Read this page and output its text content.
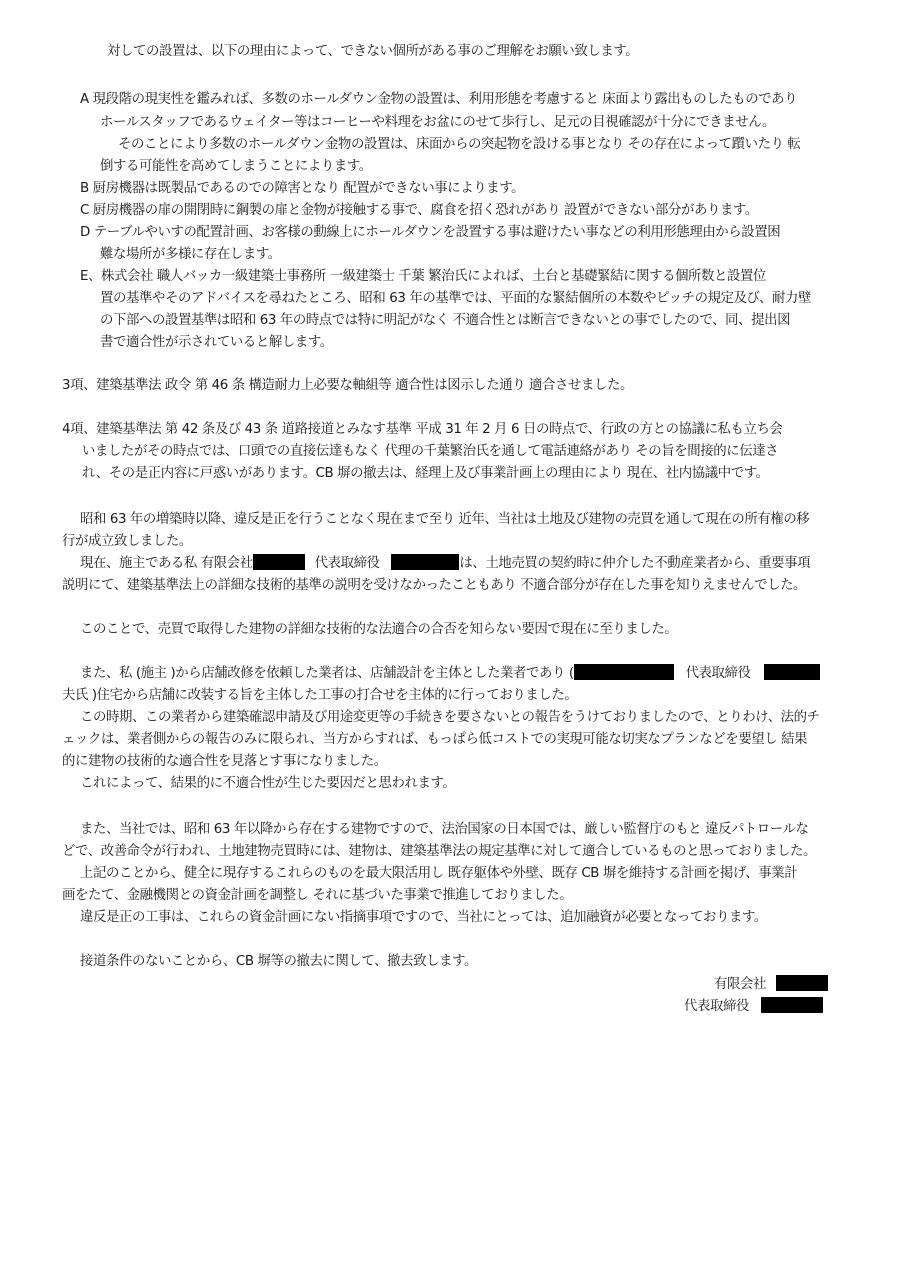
対しての設置は、以下の理由によって、できない個所がある事のご理解をお願い致します。
A 現段階の現実性を鑑みれば、多数のホールダウン金物の設置は、利用形態を考慮すると 床面より露出ものしたものであり
ホールスタッフであるウェイター等はコーヒーや料理をお盆にのせて歩行し、足元の目視確認が十分にできません。
そのことにより多数のホールダウン金物の設置は、床面からの突起物を設ける事となり その存在によって躓いたり 転
倒する可能性を高めてしまうことによります。
B 厨房機器は既製品であるのでの障害となり 配置ができない事によります。
C 厨房機器の扉の開閉時に鋼製の扉と金物が接触する事で、腐食を招く恐れがあり 設置ができない部分があります。
D テーブルやいすの配置計画、お客様の動線上にホールダウンを設置する事は避けたい事などの利用形態理由から設置困
難な場所が多様に存在します。
E、株式会社 職人バッカ一級建築士事務所 一級建築士 千葉 繁治氏によれば、土台と基礎緊結に関する個所数と設置位
置の基準やそのアドバイスを尋ねたところ、昭和 63 年の基準では、平面的な緊結個所の本数やピッチの規定及び、耐力壁
の下部への設置基準は昭和 63 年の時点では特に明記がなく 不適合性とは断言できないとの事でしたので、同、提出図
書で適合性が示されていると解します。
3項、建築基準法 政令 第 46 条 構造耐力上必要な軸組等 適合性は図示した通り 適合させました。
4項、建築基準法 第 42 条及び 43 条 道路接道とみなす基準 平成 31 年 2 月 6 日の時点で、行政の方との協議に私も立ち会
いましたがその時点では、口頭での直接伝達もなく 代理の千葉繁治氏を通して電話連絡があり その旨を間接的に伝達さ
れ、その是正内容に戸惑いがあります。CB 塀の撤去は、経理上及び事業計画上の理由により 現在、社内協議中です。
昭和 63 年の増築時以降、違反是正を行うことなく現在まで至り 近年、当社は土地及び建物の売買を通して現在の所有権の移
行が成立致しました。
現在、施主である私 有限会社	代表取締役	は、土地売買の契約時に仲介した不動産業者から、重要事項
説明にて、建築基準法上の詳細な技術的基準の説明を受けなかったこともあり 不適合部分が存在した事を知りえませんでした。
このことで、売買で取得した建物の詳細な技術的な法適合の合否を知らない要因で現在に至りました。
また、私 (施主 )から店舗改修を依頼した業者は、店舗設計を主体とした業者であり (	代表取締役
夫氏 )住宅から店舗に改装する旨を主体した工事の打合せを主体的に行っておりました。
この時期、この業者から建築確認申請及び用途変更等の手続きを要さないとの報告をうけておりましたので、とりわけ、法的チ
ェックは、業者側からの報告のみに限られ、当方からすれば、もっぱら低コストでの実現可能な切実なプランなどを要望し 結果
的に建物の技術的な適合性を見落とす事になりました。
これによって、結果的に不適合性が生じた要因だと思われます。
また、当社では、昭和 63 年以降から存在する建物ですので、法治国家の日本国では、厳しい監督庁のもと 違反パトロールな
どで、改善命令が行われ、土地建物売買時には、建物は、建築基準法の規定基準に対して適合しているものと思っておりました。
上記のことから、健全に現存するこれらのものを最大限活用し 既存躯体や外壁、既存 CB 塀を維持する計画を掲げ、事業計
画をたて、金融機関との資金計画を調整し それに基づいた事業で推進しておりました。
違反是正の工事は、これらの資金計画にない指摘事項ですので、当社にとっては、追加融資が必要となっております。
接道条件のないことから、CB 塀等の撤去に関して、撤去致します。
有限会社
代表取締役
